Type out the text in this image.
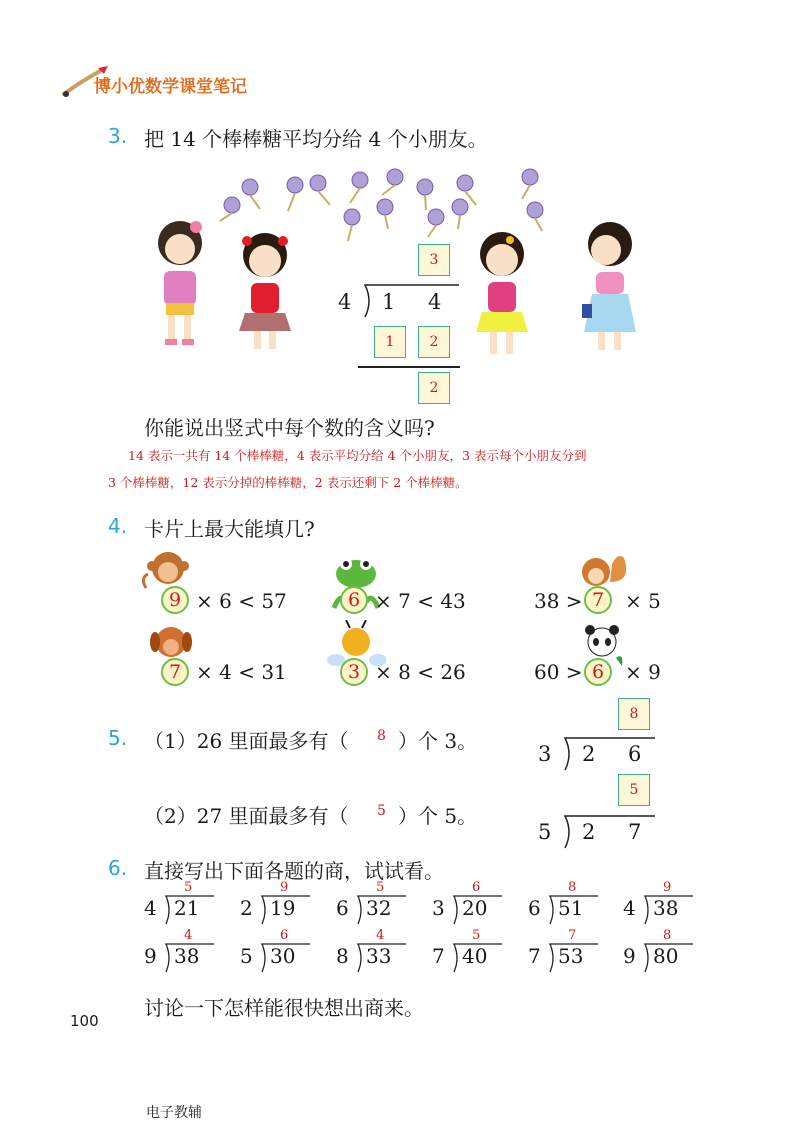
博小优数学课堂笔记
3. 把 14 个棒棒糖平均分给 4 个小朋友。
3
4 1 4
1	2
2
你能说出竖式中每个数的含义吗?
14 表示一共有 14 个棒棒糖，4 表示平均分给 4 个小朋友，3 表示每个小朋友分到
3 个棒棒糖，12 表示分掉的棒棒糖，2 表示还剩下 2 个棒棒糖。
4. 卡片上最大能填几?
9 × 6 < 57	6 × 7 < 43	38 > 7	× 5
7 × 4 < 31	3 × 8 < 26	60 > 6	× 9
5. （1）26 里面最多有（ 8 ）个 3。
8
3 2 6
（2）27 里面最多有（ 5 ）个 5。
5
5 2 7
6. 直接写出下面各题的商，试试看。
5
4 21
9
2 19
5
6 32
6
3 20
8
6 51
9
4 38
4
9 38
6
5 30
4
8 33
5
7 40
7
7 53
8
9 80
讨论一下怎样能很快想出商来。
100
电子教辅
